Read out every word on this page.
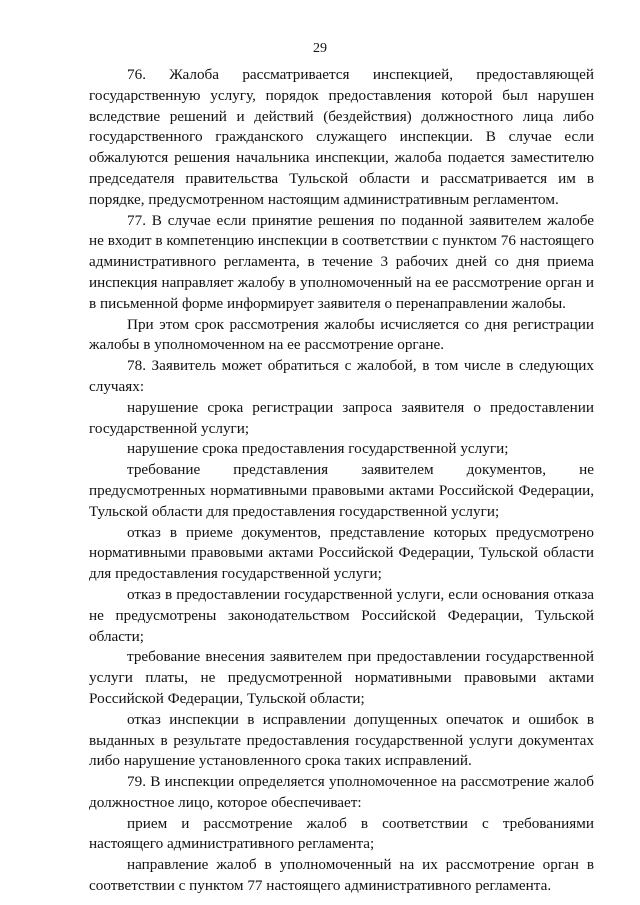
29

76. Жалоба рассматривается инспекцией, предоставляющей государственную услугу, порядок предоставления которой был нарушен вследствие решений и действий (бездействия) должностного лица либо государственного гражданского служащего инспекции. В случае если обжалуются решения начальника инспекции, жалоба подается заместителю председателя правительства Тульской области и рассматривается им в порядке, предусмотренном настоящим административным регламентом.

77. В случае если принятие решения по поданной заявителем жалобе не входит в компетенцию инспекции в соответствии с пунктом 76 настоящего административного регламента, в течение 3 рабочих дней со дня приема инспекция направляет жалобу в уполномоченный на ее рассмотрение орган и в письменной форме информирует заявителя о перенаправлении жалобы.

При этом срок рассмотрения жалобы исчисляется со дня регистрации жалобы в уполномоченном на ее рассмотрение органе.

78. Заявитель может обратиться с жалобой, в том числе в следующих случаях:

нарушение срока регистрации запроса заявителя о предоставлении государственной услуги;

нарушение срока предоставления государственной услуги;

требование представления заявителем документов, не предусмотренных нормативными правовыми актами Российской Федерации, Тульской области для предоставления государственной услуги;

отказ в приеме документов, представление которых предусмотрено нормативными правовыми актами Российской Федерации, Тульской области для предоставления государственной услуги;

отказ в предоставлении государственной услуги, если основания отказа не предусмотрены законодательством Российской Федерации, Тульской области;

требование внесения заявителем при предоставлении государственной услуги платы, не предусмотренной нормативными правовыми актами Российской Федерации, Тульской области;

отказ инспекции в исправлении допущенных опечаток и ошибок в выданных в результате предоставления государственной услуги документах либо нарушение установленного срока таких исправлений.

79. В инспекции определяется уполномоченное на рассмотрение жалоб должностное лицо, которое обеспечивает:

прием и рассмотрение жалоб в соответствии с требованиями настоящего административного регламента;

направление жалоб в уполномоченный на их рассмотрение орган в соответствии с пунктом 77 настоящего административного регламента.
